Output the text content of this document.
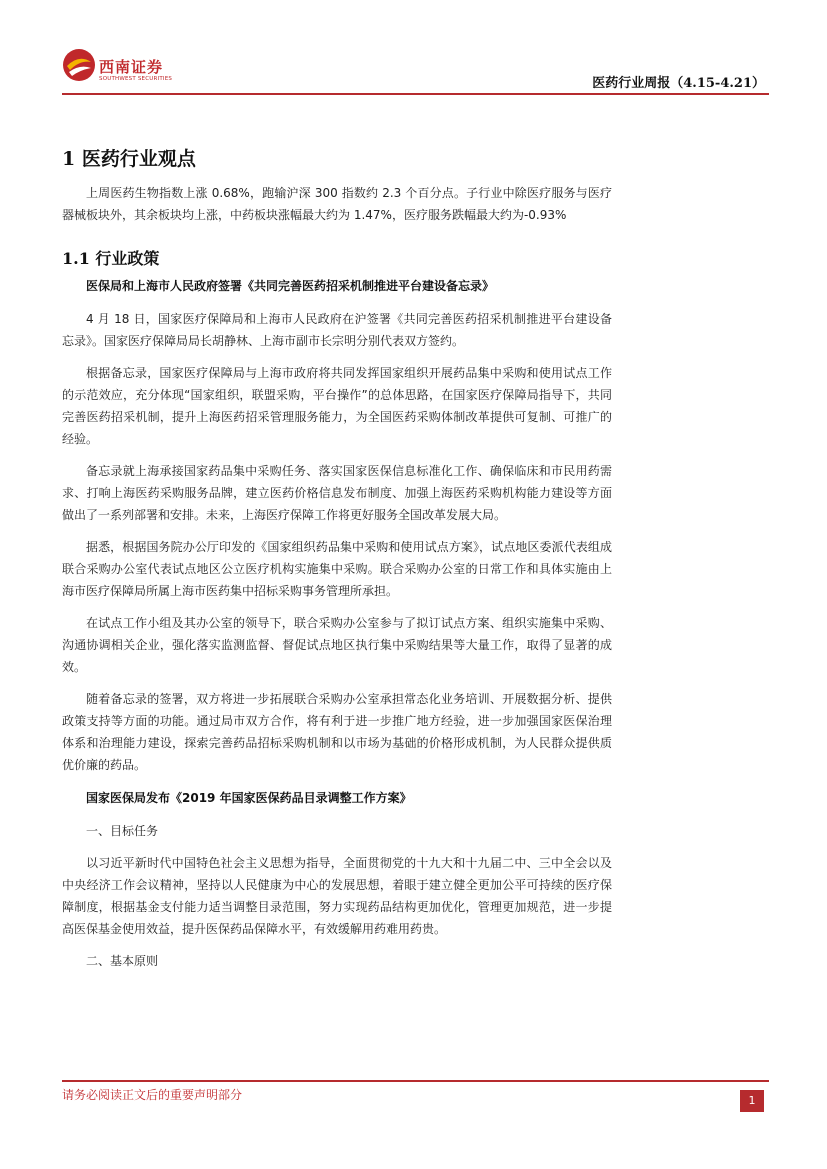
西南证券
SOUTHWEST SECURITIES	医药行业周报（4.15-4.21）
1 医药行业观点

上周医药生物指数上涨 0.68%，跑输沪深 300 指数约 2.3 个百分点。子行业中除医疗服务与医疗器械板块外，其余板块均上涨，中药板块涨幅最大约为 1.47%，医疗服务跌幅最大约为-0.93%

1.1 行业政策
医保局和上海市人民政府签署《共同完善医药招采机制推进平台建设备忘录》

4 月 18 日，国家医疗保障局和上海市人民政府在沪签署《共同完善医药招采机制推进平台建设备忘录》。国家医疗保障局局长胡静林、上海市副市长宗明分别代表双方签约。

根据备忘录，国家医疗保障局与上海市政府将共同发挥国家组织开展药品集中采购和使用试点工作的示范效应，充分体现“国家组织，联盟采购，平台操作”的总体思路，在国家医疗保障局指导下，共同完善医药招采机制，提升上海医药招采管理服务能力，为全国医药采购体制改革提供可复制、可推广的经验。

备忘录就上海承接国家药品集中采购任务、落实国家医保信息标准化工作、确保临床和市民用药需求、打响上海医药采购服务品牌，建立医药价格信息发布制度、加强上海医药采购机构能力建设等方面做出了一系列部署和安排。未来，上海医疗保障工作将更好服务全国改革发展大局。

据悉，根据国务院办公厅印发的《国家组织药品集中采购和使用试点方案》，试点地区委派代表组成联合采购办公室代表试点地区公立医疗机构实施集中采购。联合采购办公室的日常工作和具体实施由上海市医疗保障局所属上海市医药集中招标采购事务管理所承担。

在试点工作小组及其办公室的领导下，联合采购办公室参与了拟订试点方案、组织实施集中采购、沟通协调相关企业，强化落实监测监督、督促试点地区执行集中采购结果等大量工作，取得了显著的成效。

随着备忘录的签署，双方将进一步拓展联合采购办公室承担常态化业务培训、开展数据分析、提供政策支持等方面的功能。通过局市双方合作，将有利于进一步推广地方经验，进一步加强国家医保治理体系和治理能力建设，探索完善药品招标采购机制和以市场为基础的价格形成机制，为人民群众提供质优价廉的药品。

国家医保局发布《2019 年国家医保药品目录调整工作方案》

一、目标任务

以习近平新时代中国特色社会主义思想为指导，全面贯彻党的十九大和十九届二中、三中全会以及中央经济工作会议精神，坚持以人民健康为中心的发展思想，着眼于建立健全更加公平可持续的医疗保障制度，根据基金支付能力适当调整目录范围，努力实现药品结构更加优化，管理更加规范，进一步提高医保基金使用效益，提升医保药品保障水平，有效缓解用药难用药贵。

二、基本原则

请务必阅读正文后的重要声明部分	1
